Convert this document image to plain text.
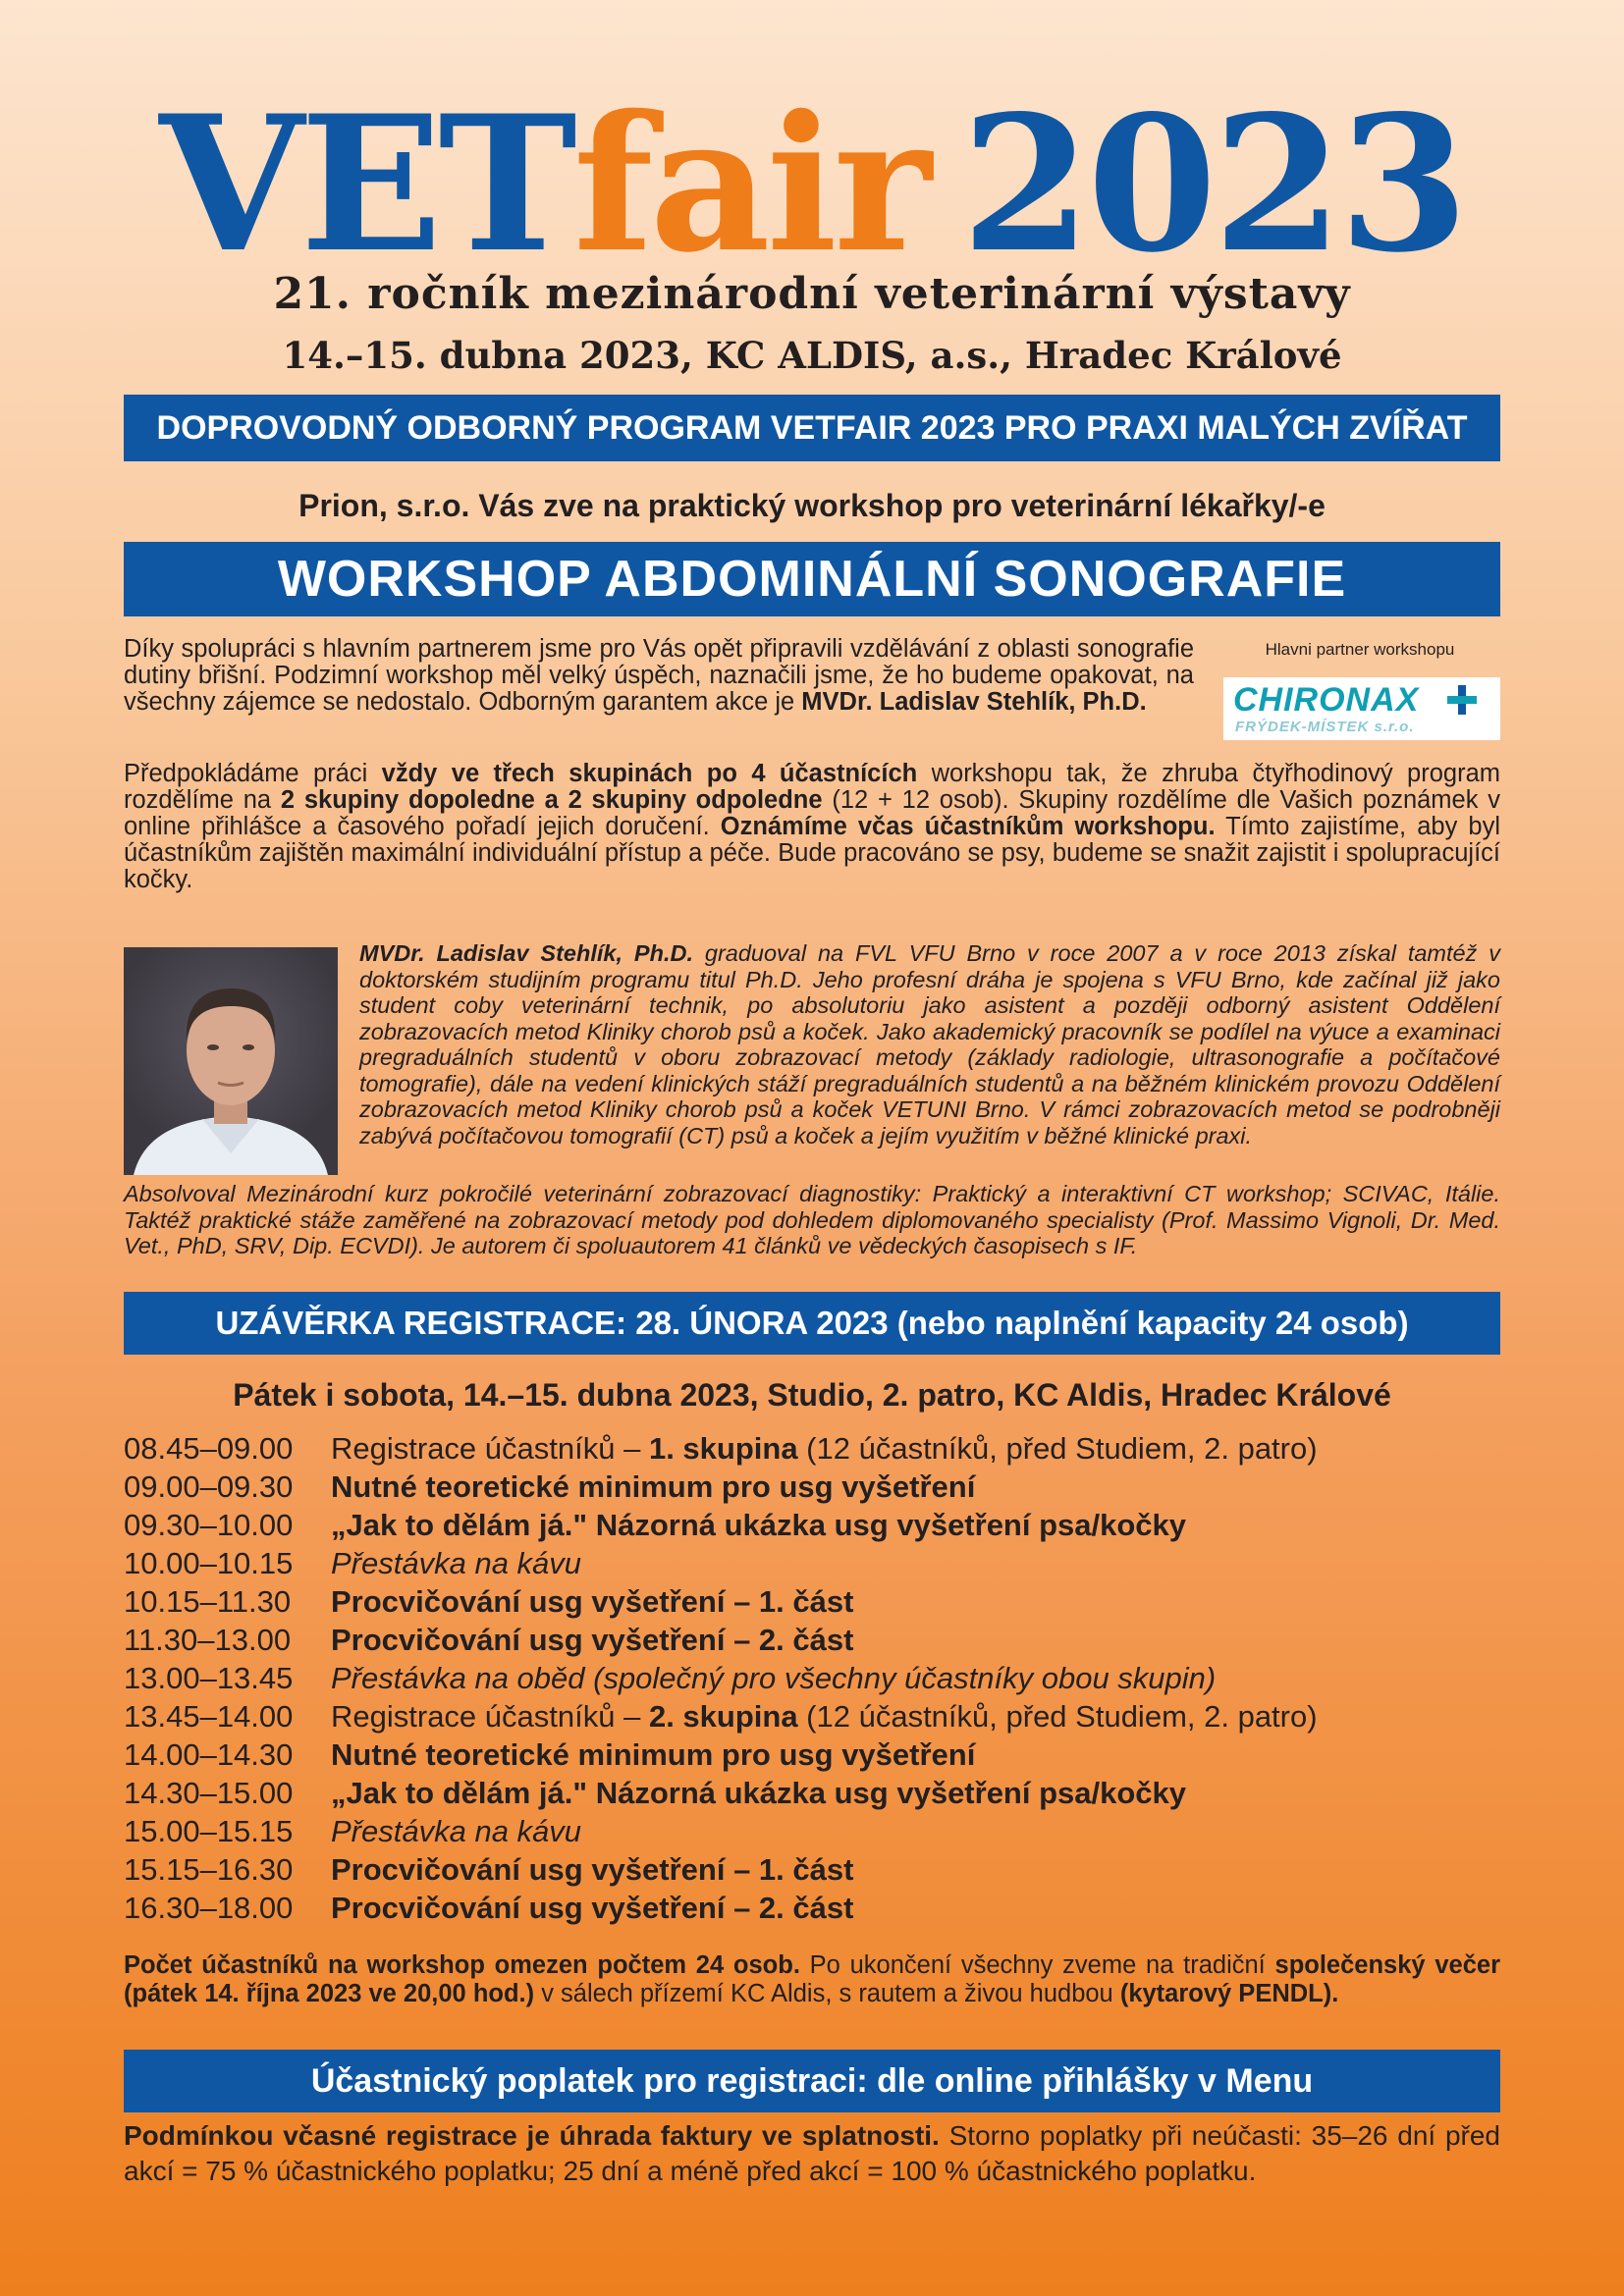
VETfair 2023
21. ročník mezinárodní veterinární výstavy
14.–15. dubna 2023, KC ALDIS, a.s., Hradec Králové
DOPROVODNÝ ODBORNÝ PROGRAM VETFAIR 2023 PRO PRAXI MALÝCH ZVÍŘAT
Prion, s.r.o. Vás zve na praktický workshop pro veterinární lékařky/-e
WORKSHOP ABDOMINÁLNÍ SONOGRAFIE
Hlavni partner workshopu
CHIRONAX
FRÝDEK-MÍSTEK s.r.o.
Díky spolupráci s hlavním partnerem jsme pro Vás opět připravili vzdělávání z oblasti sonografie dutiny břišní. Podzimní workshop měl velký úspěch, naznačili jsme, že ho budeme opakovat, na všechny zájemce se nedostalo. Odborným garantem akce je MVDr. Ladislav Stehlík, Ph.D.
Předpokládáme práci vždy ve třech skupinách po 4 účastnících workshopu tak, že zhruba čtyřhodinový program rozdělíme na 2 skupiny dopoledne a 2 skupiny odpoledne (12 + 12 osob). Skupiny rozdělíme dle Vašich poznámek v online přihlášce a časového pořadí jejich doručení. Oznámíme včas účastníkům workshopu. Tímto zajistíme, aby byl účastníkům zajištěn maximální individuální přístup a péče. Bude pracováno se psy, budeme se snažit zajistit i spolupracující kočky.
MVDr. Ladislav Stehlík, Ph.D. graduoval na FVL VFU Brno v roce 2007 a v roce 2013 získal tamtéž v doktorském studijním programu titul Ph.D. Jeho profesní dráha je spojena s VFU Brno, kde začínal již jako student coby veterinární technik, po absolutoriu jako asistent a později odborný asistent Oddělení zobrazovacích metod Kliniky chorob psů a koček. Jako akademický pracovník se podílel na výuce a examinaci pregraduálních studentů v oboru zobrazovací metody (základy radiologie, ultrasonografie a počítačové tomografie), dále na vedení klinických stáží pregraduálních studentů a na běžném klinickém provozu Oddělení zobrazovacích metod Kliniky chorob psů a koček VETUNI Brno. V rámci zobrazovacích metod se podrobněji zabývá počítačovou tomografií (CT) psů a koček a jejím využitím v běžné klinické praxi.
Absolvoval Mezinárodní kurz pokročilé veterinární zobrazovací diagnostiky: Praktický a interaktivní CT workshop; SCIVAC, Itálie. Taktéž praktické stáže zaměřené na zobrazovací metody pod dohledem diplomovaného specialisty (Prof. Massimo Vignoli, Dr. Med. Vet., PhD, SRV, Dip. ECVDI). Je autorem či spoluautorem 41 článků ve vědeckých časopisech s IF.
UZÁVĚRKA REGISTRACE: 28. ÚNORA 2023 (nebo naplnění kapacity 24 osob)
Pátek i sobota, 14.–15. dubna 2023, Studio, 2. patro, KC Aldis, Hradec Králové
08.45–09.00 Registrace účastníků – 1. skupina (12 účastníků, před Studiem, 2. patro)
09.00–09.30 Nutné teoretické minimum pro usg vyšetření
09.30–10.00 „Jak to dělám já." Názorná ukázka usg vyšetření psa/kočky
10.00–10.15 Přestávka na kávu
10.15–11.30 Procvičování usg vyšetření – 1. část
11.30–13.00 Procvičování usg vyšetření – 2. část
13.00–13.45 Přestávka na oběd (společný pro všechny účastníky obou skupin)
13.45–14.00 Registrace účastníků – 2. skupina (12 účastníků, před Studiem, 2. patro)
14.00–14.30 Nutné teoretické minimum pro usg vyšetření
14.30–15.00 „Jak to dělám já." Názorná ukázka usg vyšetření psa/kočky
15.00–15.15 Přestávka na kávu
15.15–16.30 Procvičování usg vyšetření – 1. část
16.30–18.00 Procvičování usg vyšetření – 2. část
Počet účastníků na workshop omezen počtem 24 osob. Po ukončení všechny zveme na tradiční společenský večer (pátek 14. října 2023 ve 20,00 hod.) v sálech přízemí KC Aldis, s rautem a živou hudbou (kytarový PENDL).
Účastnický poplatek pro registraci: dle online přihlášky v Menu
Podmínkou včasné registrace je úhrada faktury ve splatnosti. Storno poplatky při neúčasti: 35–26 dní před akcí = 75 % účastnického poplatku; 25 dní a méně před akcí = 100 % účastnického poplatku.
